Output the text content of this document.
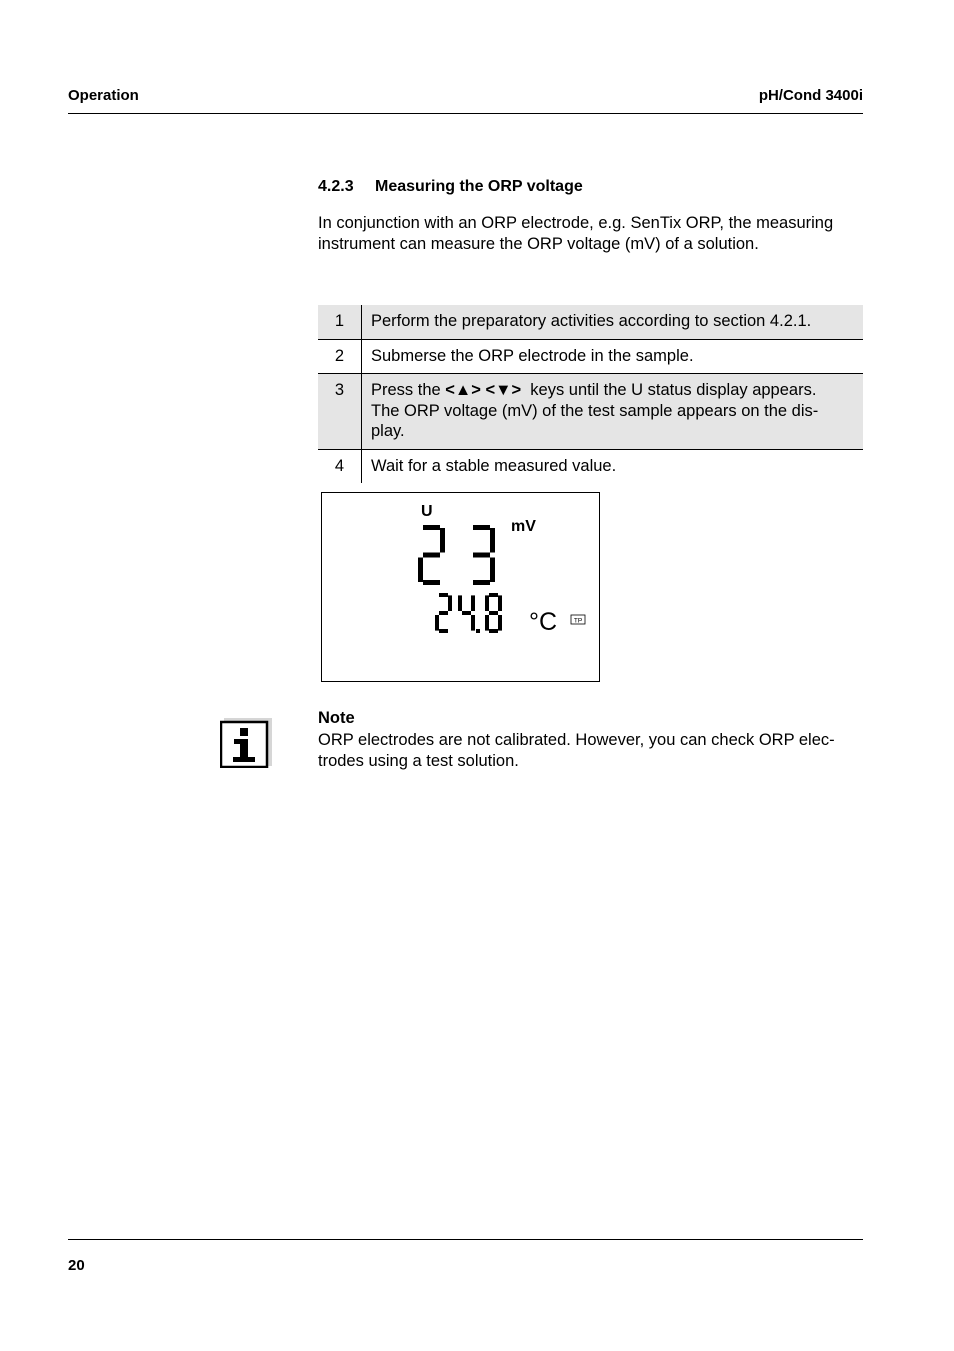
Operation	pH/Cond 3400i
4.2.3 Measuring the ORP voltage
In conjunction with an ORP electrode, e.g. SenTix ORP, the measuring
instrument can measure the ORP voltage (mV) of a solution.
1	Perform the preparatory activities according to section 4.2.1.
2	Submerse the ORP electrode in the sample.
3	Press the <▲> <▼>  keys until the U status display appears.
The ORP voltage (mV) of the test sample appears on the dis-
play.

4	Wait for a stable measured value.
U
mV
°C	TP
Note
ORP electrodes are not calibrated. However, you can check ORP elec-
trodes using a test solution.
20
